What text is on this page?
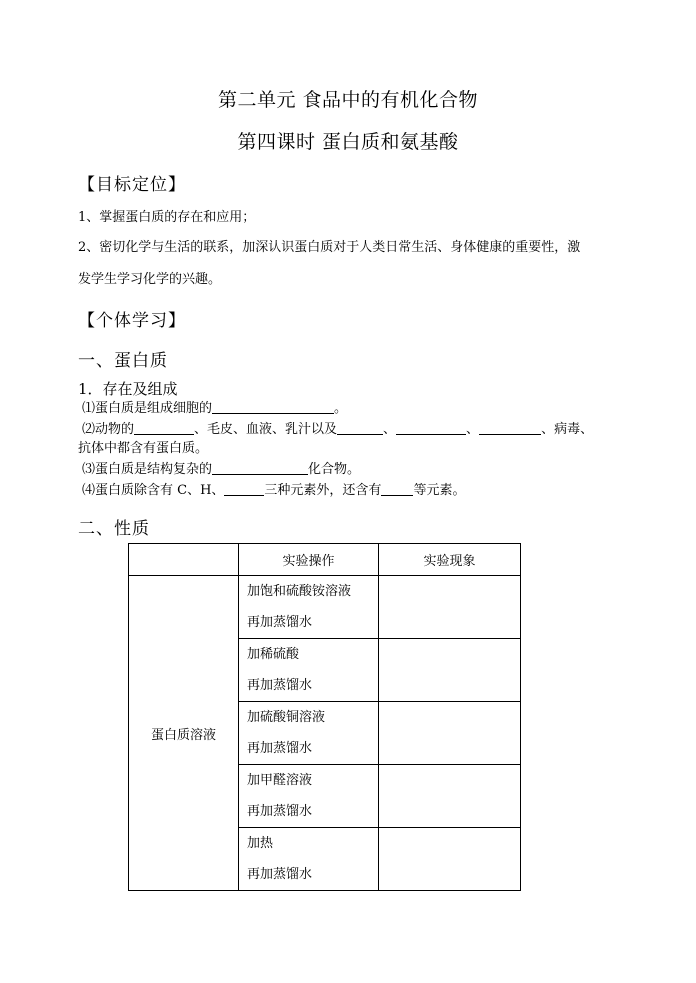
第二单元 食品中的有机化合物
第四课时 蛋白质和氨基酸
【目标定位】
1、掌握蛋白质的存在和应用；
2、密切化学与生活的联系，加深认识蛋白质对于人类日常生活、身体健康的重要性，激
发学生学习化学的兴趣。
【个体学习】
一、蛋白质
1．存在及组成
⑴蛋白质是组成细胞的	。
⑵动物的	、毛皮、血液、乳汁以及	、	、	、病毒、
抗体中都含有蛋白质。
⑶蛋白质是结构复杂的	化合物。
⑷蛋白质除含有 C、H、	三种元素外，还含有 等元素。
二、性质
	实验操作	实验现象
蛋白质溶液	加饱和硫酸铵溶液
再加蒸馏水	

	加稀硫酸
再加蒸馏水	

	加硫酸铜溶液
再加蒸馏水	

	加甲醛溶液
再加蒸馏水	

	加热
再加蒸馏水	
